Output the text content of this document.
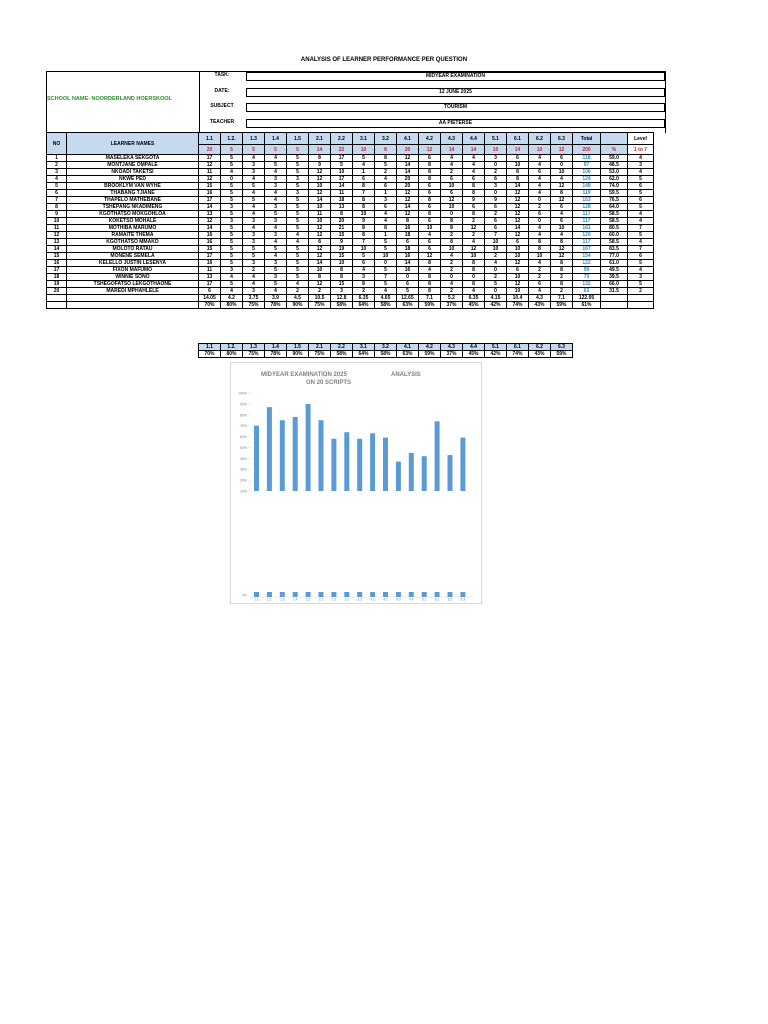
ANALYSIS OF LEARNER PERFORMANCE PER QUESTION
SCHOOL NAME- NOORDERLAND HOERSKOOL
TASK:	MIDYEAR EXAMINATION
DATE:	12 JUNE 2025
SUBJECT	TOURISM
TEACHER	AA PIETERSE
NO	LEARNER NAMES	1.1	1.2.	1.3	1.4	1.5	2.1	2.2	3.1	3.2	4.1	4.2	4.3	4.4	5.1	6.1	6.2	6.3	Total		Level
		20	5	5	5	5	14	22	10	8	20	12	14	14	10	14	10	12	200	%	1 to 7
1	MASELEKA SEKGOTA	17	5	4	4	5	8	17	5	8	12	6	4	4	3	6	4	6	118	59.0	4
2	MONTJANE OMPALE	12	5	3	5	5	9	5	4	5	14	8	4	4	0	10	4	0	97	48.5	3
3	NKOADI TAKETSI	11	4	3	4	5	12	10	1	2	14	8	2	4	2	8	6	10	106	53.0	4
4	NKWE PED	12	0	4	3	3	12	17	6	4	20	8	6	6	6	8	4	4	124	62.0	5
5	BROOKLYM VAN WYHE	15	5	5	3	5	10	14	8	6	20	6	10	8	3	14	4	12	148	74.0	6
6	THABANG TJIANE	16	5	4	4	3	12	11	7	1	12	6	6	8	0	12	4	8	119	59.5	5
7	THAPELO MATHEBANE	17	5	5	4	5	14	18	8	3	12	8	12	9	9	12	0	12	153	76.5	6
8	TSHEPANG NKADIMENG	14	3	4	3	5	10	13	8	6	14	6	10	6	6	12	2	6	128	64.0	5
9	KGOTHATSO MOKGOHLOA	13	5	4	5	5	11	8	10	4	12	8	0	8	2	12	6	4	117	58.5	4
10	KOKETSO MOHALE	12	3	3	3	5	10	20	9	4	8	6	8	2	6	12	0	6	117	58.5	4
11	MOTHIBA MARUMO	14	5	4	4	5	12	21	8	8	16	10	8	12	6	14	4	10	161	80.5	7
12	RAMAITE THEMA	16	5	3	3	4	12	15	8	1	18	4	2	2	7	12	4	4	120	60.0	5
13	KGOTHATSO MMAKO	16	5	3	4	4	8	9	7	5	6	6	8	4	10	6	8	8	117	58.5	4
14	MOLOTO RATAU	15	5	5	5	5	12	19	10	5	18	6	10	12	10	10	8	12	167	83.5	7
15	MONENE SEMELA	17	5	5	4	5	12	15	5	10	16	12	4	10	2	10	10	12	154	77.0	6
16	KELELLO JUSTIN LESENYA	16	5	3	3	5	14	10	6	0	14	8	2	8	4	12	4	8	122	61.0	5
17	FIXON MAFUMO	11	3	2	5	5	10	8	4	5	16	4	2	8	0	6	2	8	99	49.5	4
18	WINNIE SONO	13	4	4	3	5	8	8	3	7	0	8	0	0	2	10	2	2	79	39.5	3
19	TSHEGOFATSO LEKGOTHAONE	17	5	4	5	4	12	15	8	5	6	8	4	8	5	12	6	8	132	66.0	5
20	MAREDI MPHAHLELE	6	4	3	4	2	2	3	2	4	5	8	2	4	0	10	4	2	63	31.5	2
		14.05	4.2	3.75	3.9	4.5	10.5	12.8	6.35	4.65	12.65	7.1	5.2	6.35	4.15	10.4	4.3	7.1	122.05		
		70%	80%	75%	78%	90%	75%	58%	64%	58%	63%	59%	37%	45%	42%	74%	43%	59%	61%		
1.1	1.2.	1.3	1.4	1.5	2.1	2.2	3.1	3.2	4.1	4.2	4.3	4.4	5.1	6.1	6.2	6.3
70%	80%	75%	78%	90%	75%	58%	64%	58%	63%	59%	37%	45%	42%	74%	43%	59%
MIDYEAR EXAMINATION 2025	ANALYSIS
ON 20 SCRIPTS
100%
90%
80%
70%
60%
50%
40%
30%
20%
10%
0%
1.1	1.2.	1.3	1.4	1.5	2.1	2.2	3.1	3.2	4.1	4.2	4.3	4.4	5.1	6.1	6.2	6.3
